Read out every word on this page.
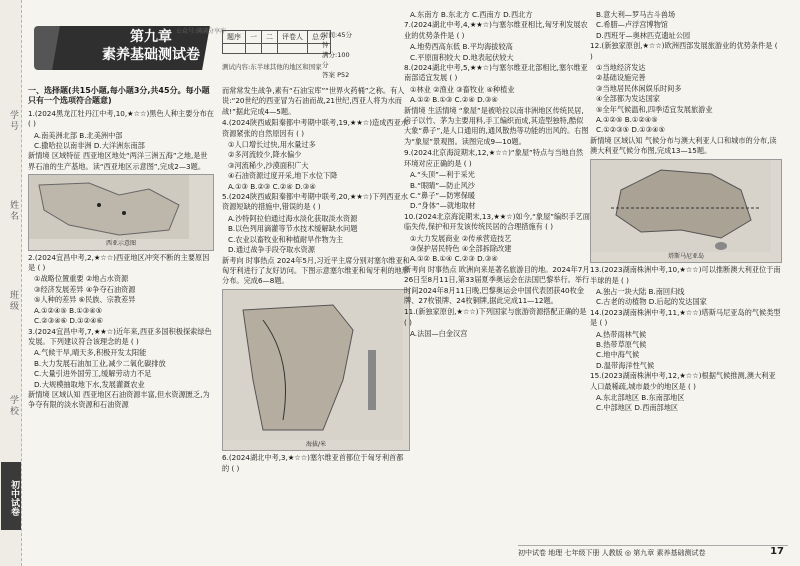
学号
姓名
班级
学校
初中试卷
第九章
素养基础测试卷
公众号:满满分享库
题序	一	二	评卷人	总分

时间:45分钟
满分:100分
答案 P52
测试内容:东半球其他的地区和国家
一、选择题(共15小题,每小题3分,共45分。每小题只有一个选项符合题意)
1.(2024黑龙江牡丹江中考,10,★☆☆)黑色人种主要分布在 ( )
A.南美洲北部 B.北美洲中部
C.撒哈拉以南非洲 D.大洋洲东南部
新情境 区域特征 西亚地区地处“两洋三洲五海”之地,是世界石油的生产基地。读“西亚地区示意图”,完成2—3题。
西亚示意图
2.(2024宜昌中考,2,★☆☆)西亚地区冲突不断的主要原因是 ( )
①战略位置重要 ②地占水资源
③经济发展差异 ④争夺石油资源
⑤人种的差异 ⑥民族、宗教差异
A.①②④⑤ B.①③④⑤
C.②③④⑥ D.①②④⑥
3.(2024宜昌中考,7,★★☆)近年来,西亚多国积极探索绿色发展。下列建议符合该理念的是 ( )
A.气候干旱,晴天多,积极开发太阳能
B.大力发展石油加工业,减少二氧化碳排放
C.大量引进外国劳工,缓解劳动力不足
D.大规模抽取地下水,发展灌溉农业
新情境 区域认知 西亚地区石油资源丰富,但水资源匮乏,为争夺有限的淡水资源和石油资源
而常常发生战争,素有“石油宝库”“世界火药桶”之称。有人说:“20世纪的西亚冒为石油而战,21世纪,西亚人将为水而战!”据此完成4—5题。
4.(2024陕西咸阳秦都中考期中联考,19,★★☆)造成西亚水资源紧张的自然原因有 ( )
①人口增长过快,用水量过多
②多河流较少,降水偏少
③河流稀少,沙漠面积广大
④石油资源过度开采,地下水位下降
A.①③ B.②③ C.②④ D.③④
5.(2024陕西咸阳秦都中考期中联考,20,★★☆)下列西亚水资源短缺的措施中,错误的是 ( )
A.沙特阿拉伯通过海水淡化获取淡水资源
B.以色列用滴灌等节水技术缓解缺水问题
C.农业以畜牧业和种植耐旱作物为主
D.通过战争手段夺取水资源
新考向 时事热点 2024年5月,习近平主席分别对塞尔维亚和匈牙利进行了友好访问。下图示意塞尔维亚和匈牙利的地形分布。完成6—8题。
海拔/米
6.(2024湖北中考,3,★☆☆)塞尔维亚首都位于匈牙利首都的 ( )
A.东南方 B.东北方 C.西南方 D.西北方
7.(2024湖北中考,4,★★☆)与塞尔维亚相比,匈牙利发展农业的优势条件是 ( )
A.地势西高东低 B.平均海拔较高
C.平原面积较大 D.地表起伏较大
8.(2024湖北中考,5,★★☆)与塞尔维亚北部相比,塞尔维亚南部适宜发展 ( )
①林业 ②渔业 ③畜牧业 ④种植业
A.①② B.①③ C.②④ D.③④
新情境 生活情境 “象屋”是被哈拉以南非洲地区传统民居,房子以竹、茅为主要用料,手工编织而成,其造型独特,酷似大象“鼻子”,是人口通用的,通风散热等功能的出风的。右图为“象屋”景观图。读图完成9—10题。
9.(2024北京海淀期末,12,★☆☆)“象屋”特点与当地自然环境对应正确的是 ( )
A.“头顶”—利于采光
B.“眼睛”—防止风沙
C.“鼻子”—防寒保暖
D.“身体”—就地取材
10.(2024北京海淀期末,13,★★☆)如今,“象屋”编织手艺面临失传,保护和开发该传统民居的合理措施有 ( )
①大力发展商业 ②传承营造技艺
③保护居民特色 ④全部拆除改建
A.①② B.①④ C.②③ D.③④
新考向 时事热点 欧洲向来是著名旅游目的地。2024年7月26日至8月11日,第33届夏季奥运会在法国巴黎举行。举行时间2024年8月11日晚,巴黎奥运会中国代表团获40枚金牌、27枚银牌、24枚铜牌,据此完成11—12题。
11.(新独家原创,★☆☆)下列国家与旅游资源搭配正确的是 ( )
A.法国—白金汉宫
B.意大利—罗马古斗兽场
C.希腊—卢浮宫博物馆
D.西班牙—奥林匹克遗址公园
12.(新独家原创,★☆☆)欧洲西部发展旅游业的优势条件是 ( )
①当地经济发达
②基础设施完善
③当地居民休闲娱乐时间多
④全部都为发达国家
⑤全年气候温和,四季适宜发展旅游业
A.①②⑤ B.①②④⑤
C.①②③⑤ D.①③④⑤
新情境 区域认知 气候分布与澳大利亚人口和城市的分布,读澳大利亚气候分布图,完成13—15题。
塔斯马尼亚岛
13.(2023湖南株洲中考,10,★☆☆)可以推断澳大利亚位于南半球的是 ( )
A.独占一块大陆 B.南回归线
C.古老的动植物 D.后起的发达国家
14.(2023湖南株洲中考,11,★☆☆)塔斯马尼亚岛的气候类型是 ( )
A.热带雨林气候
B.热带草原气候
C.地中海气候
D.温带海洋性气候
15.(2023湖南株洲中考,12,★☆☆)根据气候推测,澳大利亚人口最稀疏,城市最少的地区是 ( )
A.东北部地区 B.东南部地区
C.中部地区 D.西南部地区
初中试卷 地理 七年级下册 人教版 ◎ 第九章 素养基础测试卷	17
